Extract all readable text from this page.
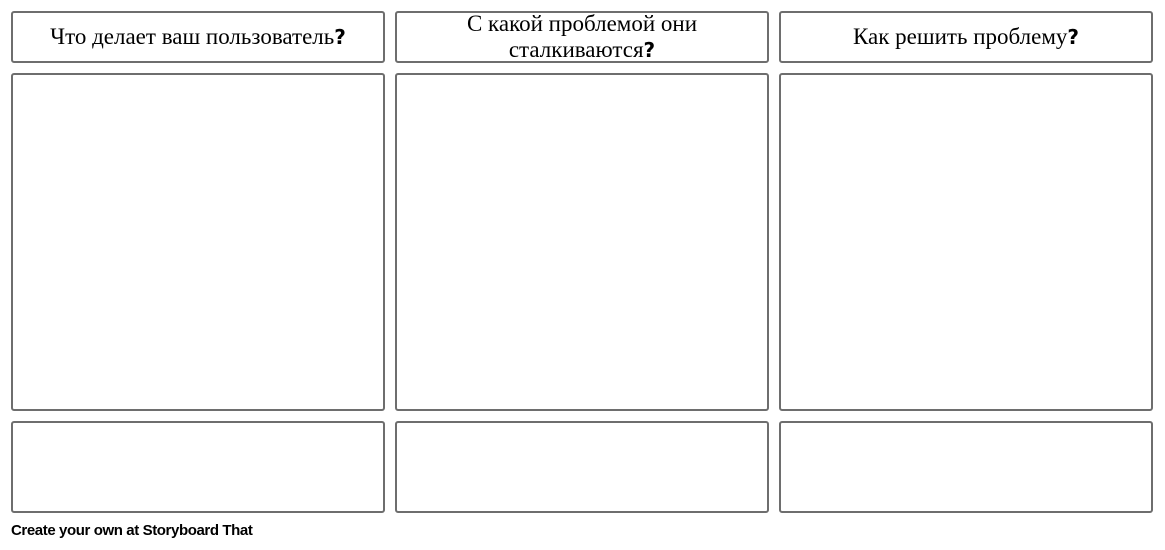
Что делает ваш пользователь?
С какой проблемой они сталкиваются?
Как решить проблему?
Create your own at Storyboard That
